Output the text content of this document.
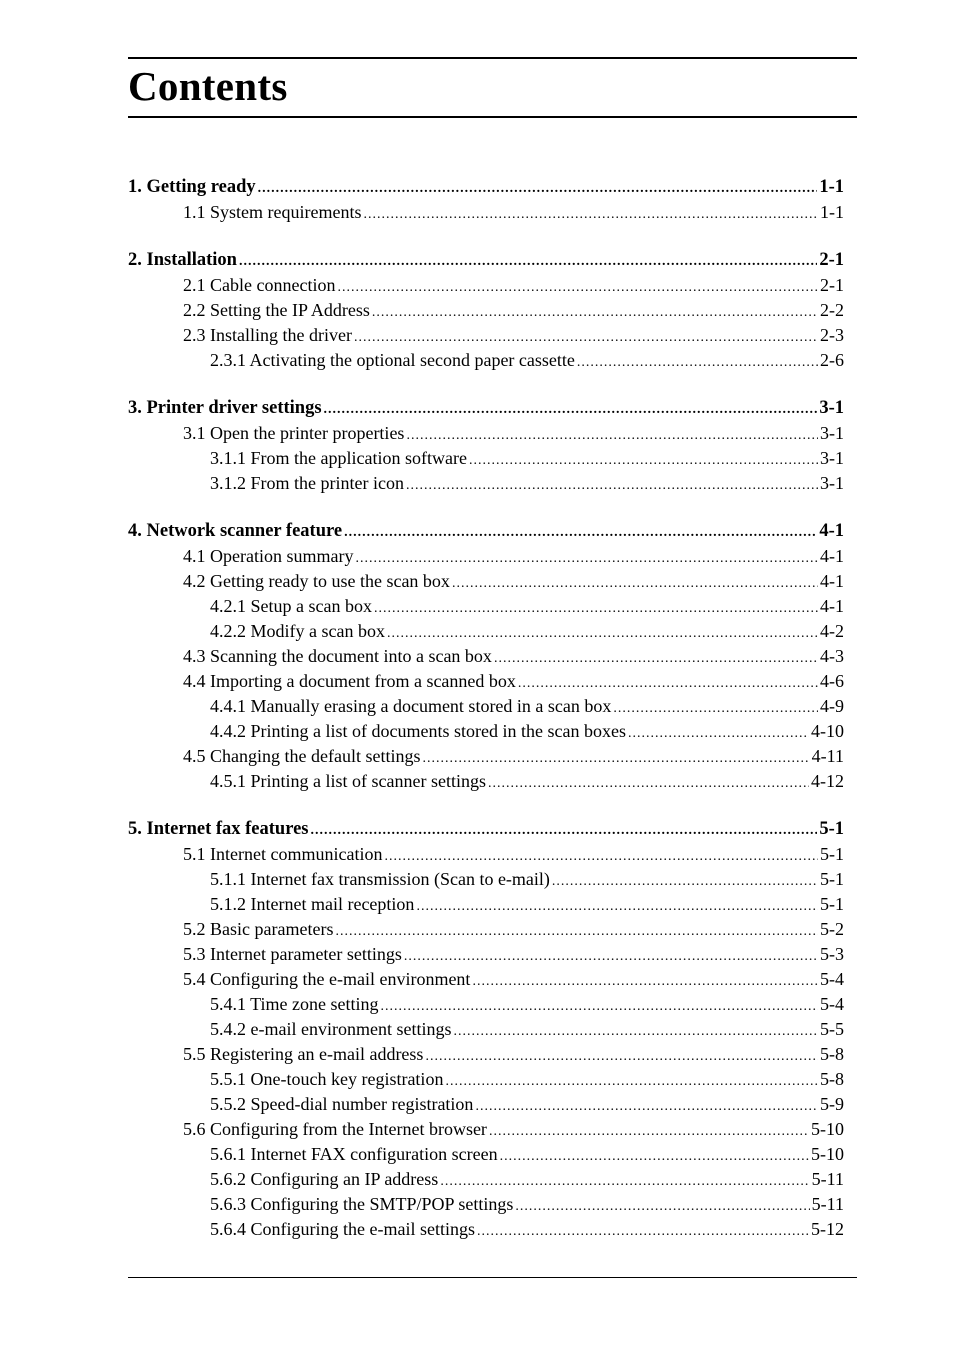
Contents
1. Getting ready .....	1-1
1.1 System requirements .....	1-1
2. Installation .....	2-1
2.1 Cable connection .....	2-1
2.2 Setting the IP Address .....	2-2
2.3 Installing the driver .....	2-3
2.3.1 Activating the optional second paper cassette .....	2-6
3. Printer driver settings .....	3-1
3.1 Open the printer properties .....	3-1
3.1.1 From the application software .....	3-1
3.1.2 From the printer icon .....	3-1
4. Network scanner feature .....	4-1
4.1 Operation summary .....	4-1
4.2 Getting ready to use the scan box .....	4-1
4.2.1 Setup a scan box .....	4-1
4.2.2 Modify a scan box .....	4-2
4.3 Scanning the document into a scan box .....	4-3
4.4 Importing a document from a scanned box .....	4-6
4.4.1 Manually erasing a document stored in a scan box .....	4-9
4.4.2 Printing a list of documents stored in the scan boxes .....	4-10
4.5 Changing the default settings .....	4-11
4.5.1 Printing a list of scanner settings .....	4-12
5. Internet fax features .....	5-1
5.1 Internet communication .....	5-1
5.1.1 Internet fax transmission (Scan to e-mail) .....	5-1
5.1.2 Internet mail reception .....	5-1
5.2 Basic parameters .....	5-2
5.3 Internet parameter settings .....	5-3
5.4 Configuring the e-mail environment .....	5-4
5.4.1 Time zone setting .....	5-4
5.4.2 e-mail environment settings .....	5-5
5.5 Registering an e-mail address .....	5-8
5.5.1 One-touch key registration .....	5-8
5.5.2 Speed-dial number registration .....	5-9
5.6 Configuring from the Internet browser .....	5-10
5.6.1 Internet FAX configuration screen .....	5-10
5.6.2 Configuring an IP address .....	5-11
5.6.3 Configuring the SMTP/POP settings .....	5-11
5.6.4 Configuring the e-mail settings .....	5-12
